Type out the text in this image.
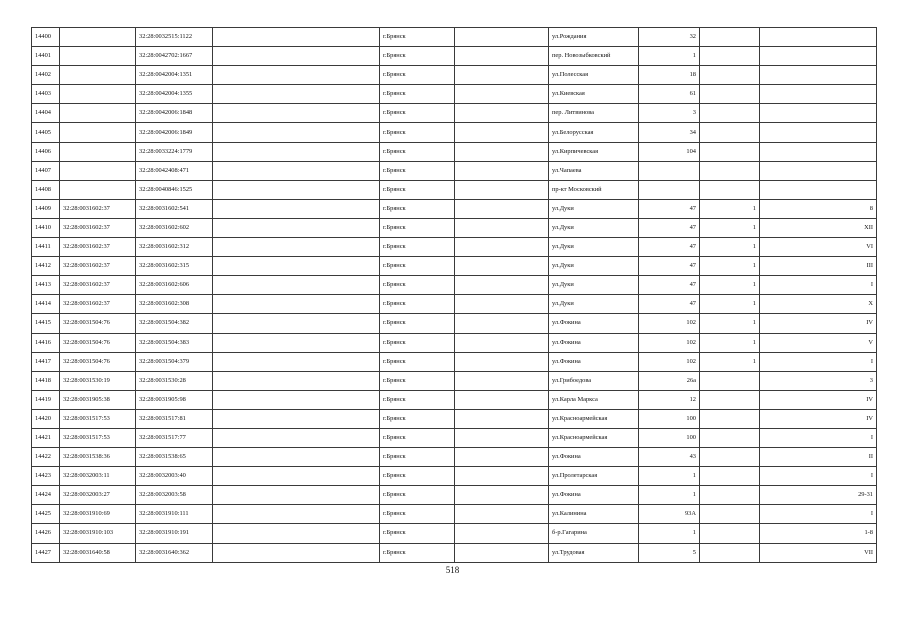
14400		32:28:0032515:1122		г.Брянск		ул.Рождания	32		
14401		32:28:0042702:1667		г.Брянск		пер. Новозыбковский	1		
14402		32:28:0042004:1351		г.Брянск		ул.Полесская	18		
14403		32:28:0042004:1355		г.Брянск		ул.Киевская	61		
14404		32:28:0042006:1848		г.Брянск		пер. Литвинова	3		
14405		32:28:0042006:1849		г.Брянск		ул.Белорусская	34		
14406		32:28:0033224:1779		г.Брянск		ул.Кирпичевская	104		
14407		32:28:0042408:471		г.Брянск		ул.Чапаева			
14408		32:28:0040846:1525		г.Брянск		пр-кт Московский			
14409	32:28:0031602:37	32:28:0031602:541		г.Брянск		ул.Дуки	47	1	8
14410	32:28:0031602:37	32:28:0031602:602		г.Брянск		ул.Дуки	47	1	XII
14411	32:28:0031602:37	32:28:0031602:312		г.Брянск		ул.Дуки	47	1	VI
14412	32:28:0031602:37	32:28:0031602:315		г.Брянск		ул.Дуки	47	1	III
14413	32:28:0031602:37	32:28:0031602:606		г.Брянск		ул.Дуки	47	1	I
14414	32:28:0031602:37	32:28:0031602:308		г.Брянск		ул.Дуки	47	1	X
14415	32:28:0031504:76	32:28:0031504:382		г.Брянск		ул.Фокина	102	1	IV
14416	32:28:0031504:76	32:28:0031504:383		г.Брянск		ул.Фокина	102	1	V
14417	32:28:0031504:76	32:28:0031504:379		г.Брянск		ул.Фокина	102	1	I
14418	32:28:0031530:19	32:28:0031530:28		г.Брянск		ул.Грибоедова	26а		3
14419	32:28:0031905:38	32:28:0031905:98		г.Брянск		ул.Карла Маркса	12		IV
14420	32:28:0031517:53	32:28:0031517:81		г.Брянск		ул.Красноармейская	100		IV
14421	32:28:0031517:53	32:28:0031517:77		г.Брянск		ул.Красноармейская	100		I
14422	32:28:0031538:36	32:28:0031538:65		г.Брянск		ул.Фокина	43		II
14423	32:28:0032003:11	32:28:0032003:40		г.Брянск		ул.Пролетарская	1		I
14424	32:28:0032003:27	32:28:0032003:58		г.Брянск		ул.Фокина	1		29-31
14425	32:28:0031910:69	32:28:0031910:111		г.Брянск		ул.Калинина	93А		I
14426	32:28:0031910:103	32:28:0031910:191		г.Брянск		б-р.Гагарина	1		1-8
14427	32:28:0031640:58	32:28:0031640:362		г.Брянск		ул.Трудовая	5		VII
518
